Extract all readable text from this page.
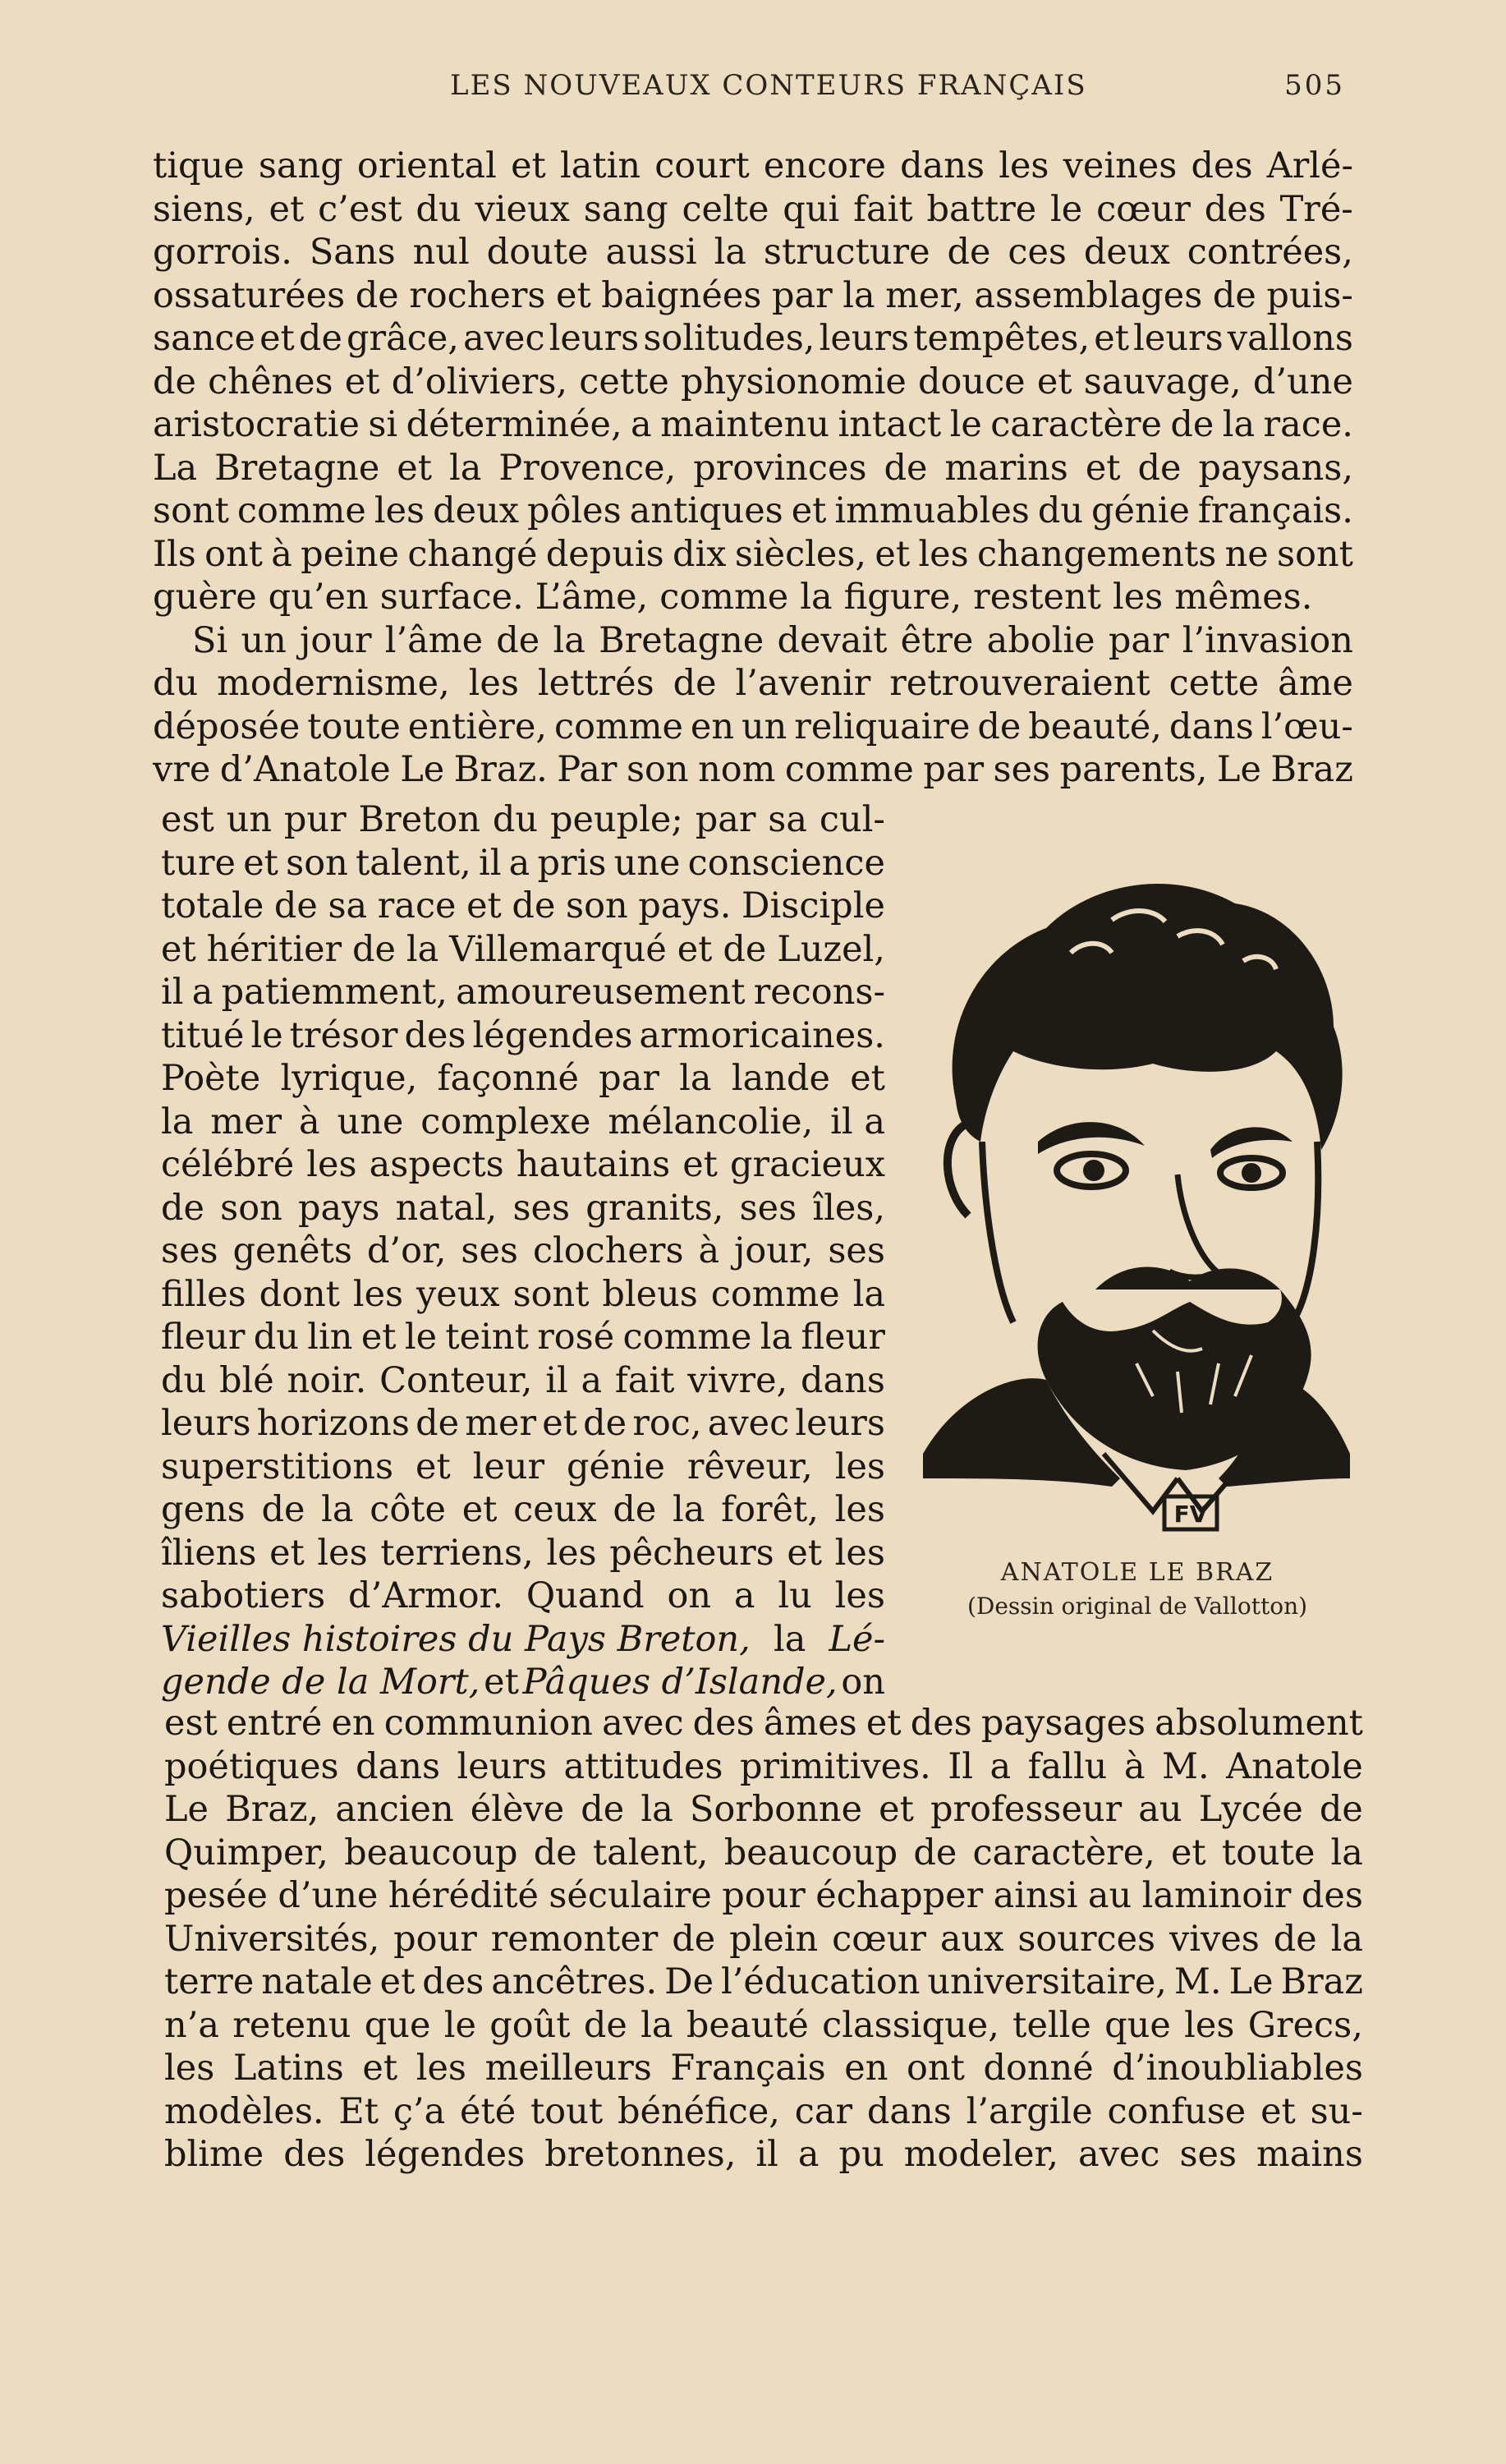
LES NOUVEAUX CONTEURS FRANÇAIS	505
tique sang oriental et latin court encore dans les veines des Arlé-
siens, et c’est du vieux sang celte qui fait battre le cœur des Tré-
gorrois. Sans nul doute aussi la structure de ces deux contrées,
ossaturées de rochers et baignées par la mer, assemblages de puis-
sance et de grâce, avec leurs solitudes, leurs tempêtes, et leurs vallons
de chênes et d’oliviers, cette physionomie douce et sauvage, d’une
aristocratie si déterminée, a maintenu intact le caractère de la race.
La Bretagne et la Provence, provinces de marins et de paysans,
sont comme les deux pôles antiques et immuables du génie français.
Ils ont à peine changé depuis dix siècles, et les changements ne sont
guère qu’en surface. L’âme, comme la figure, restent les mêmes.
Si un jour l’âme de la Bretagne devait être abolie par l’invasion
du modernisme, les lettrés de l’avenir retrouveraient cette âme
déposée toute entière, comme en un reliquaire de beauté, dans l’œu-
vre d’Anatole Le Braz. Par son nom comme par ses parents, Le Braz
est un pur Breton du peuple; par sa cul-
ture et son talent, il a pris une conscience
totale de sa race et de son pays. Disciple
et héritier de la Villemarqué et de Luzel,
il a patiemment, amoureusement recons-
titué le trésor des légendes armoricaines.
Poète lyrique, façonné par la lande et
la mer à une complexe mélancolie, il a
célébré les aspects hautains et gracieux
de son pays natal, ses granits, ses îles,
ses genêts d’or, ses clochers à jour, ses
filles dont les yeux sont bleus comme la
fleur du lin et le teint rosé comme la fleur
du blé noir. Conteur, il a fait vivre, dans
leurs horizons de mer et de roc, avec leurs
superstitions et leur génie rêveur, les
gens de la côte et ceux de la forêt, les
îliens et les terriens, les pêcheurs et les
sabotiers d’Armor. Quand on a lu les
Vieilles histoires du Pays Breton, la Lé-
gende de la Mort, et Pâques d’Islande, on
est entré en communion avec des âmes et des paysages absolument
poétiques dans leurs attitudes primitives. Il a fallu à M. Anatole
Le Braz, ancien élève de la Sorbonne et professeur au Lycée de
Quimper, beaucoup de talent, beaucoup de caractère, et toute la
pesée d’une hérédité séculaire pour échapper ainsi au laminoir des
Universités, pour remonter de plein cœur aux sources vives de la
terre natale et des ancêtres. De l’éducation universitaire, M. Le Braz
n’a retenu que le goût de la beauté classique, telle que les Grecs,
les Latins et les meilleurs Français en ont donné d’inoubliables
modèles. Et ç’a été tout bénéfice, car dans l’argile confuse et su-
blime des légendes bretonnes, il a pu modeler, avec ses mains
FV
ANATOLE LE BRAZ
(Dessin original de Vallotton)
